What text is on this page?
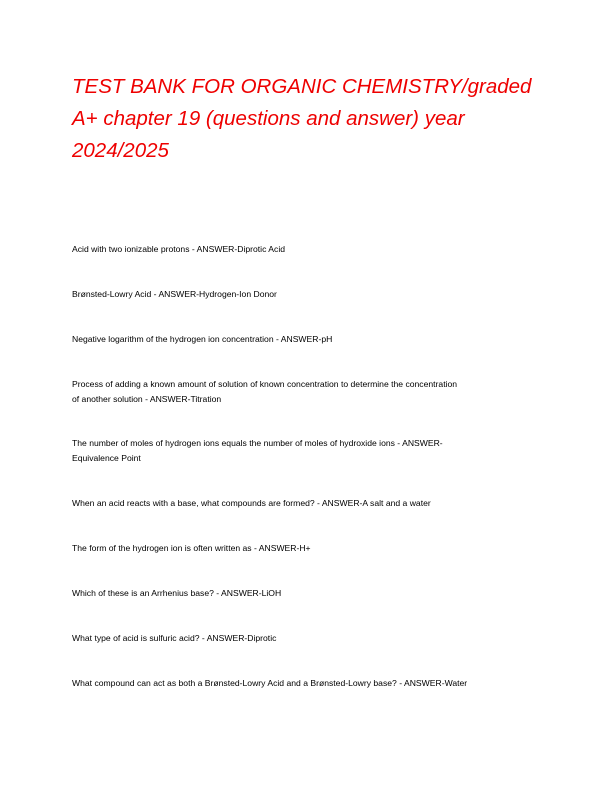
TEST BANK FOR ORGANIC CHEMISTRY/graded
A+ chapter 19 (questions and answer) year
2024/2025
Acid with two ionizable protons - ANSWER-Diprotic Acid
Brønsted-Lowry Acid - ANSWER-Hydrogen-Ion Donor
Negative logarithm of the hydrogen ion concentration - ANSWER-pH
Process of adding a known amount of solution of known concentration to determine the concentration
of another solution - ANSWER-Titration
The number of moles of hydrogen ions equals the number of moles of hydroxide ions - ANSWER-
Equivalence Point
When an acid reacts with a base, what compounds are formed? - ANSWER-A salt and a water
The form of the hydrogen ion is often written as - ANSWER-H+
Which of these is an Arrhenius base? - ANSWER-LiOH
What type of acid is sulfuric acid? - ANSWER-Diprotic
What compound can act as both a Brønsted-Lowry Acid and a Brønsted-Lowry base? - ANSWER-Water
